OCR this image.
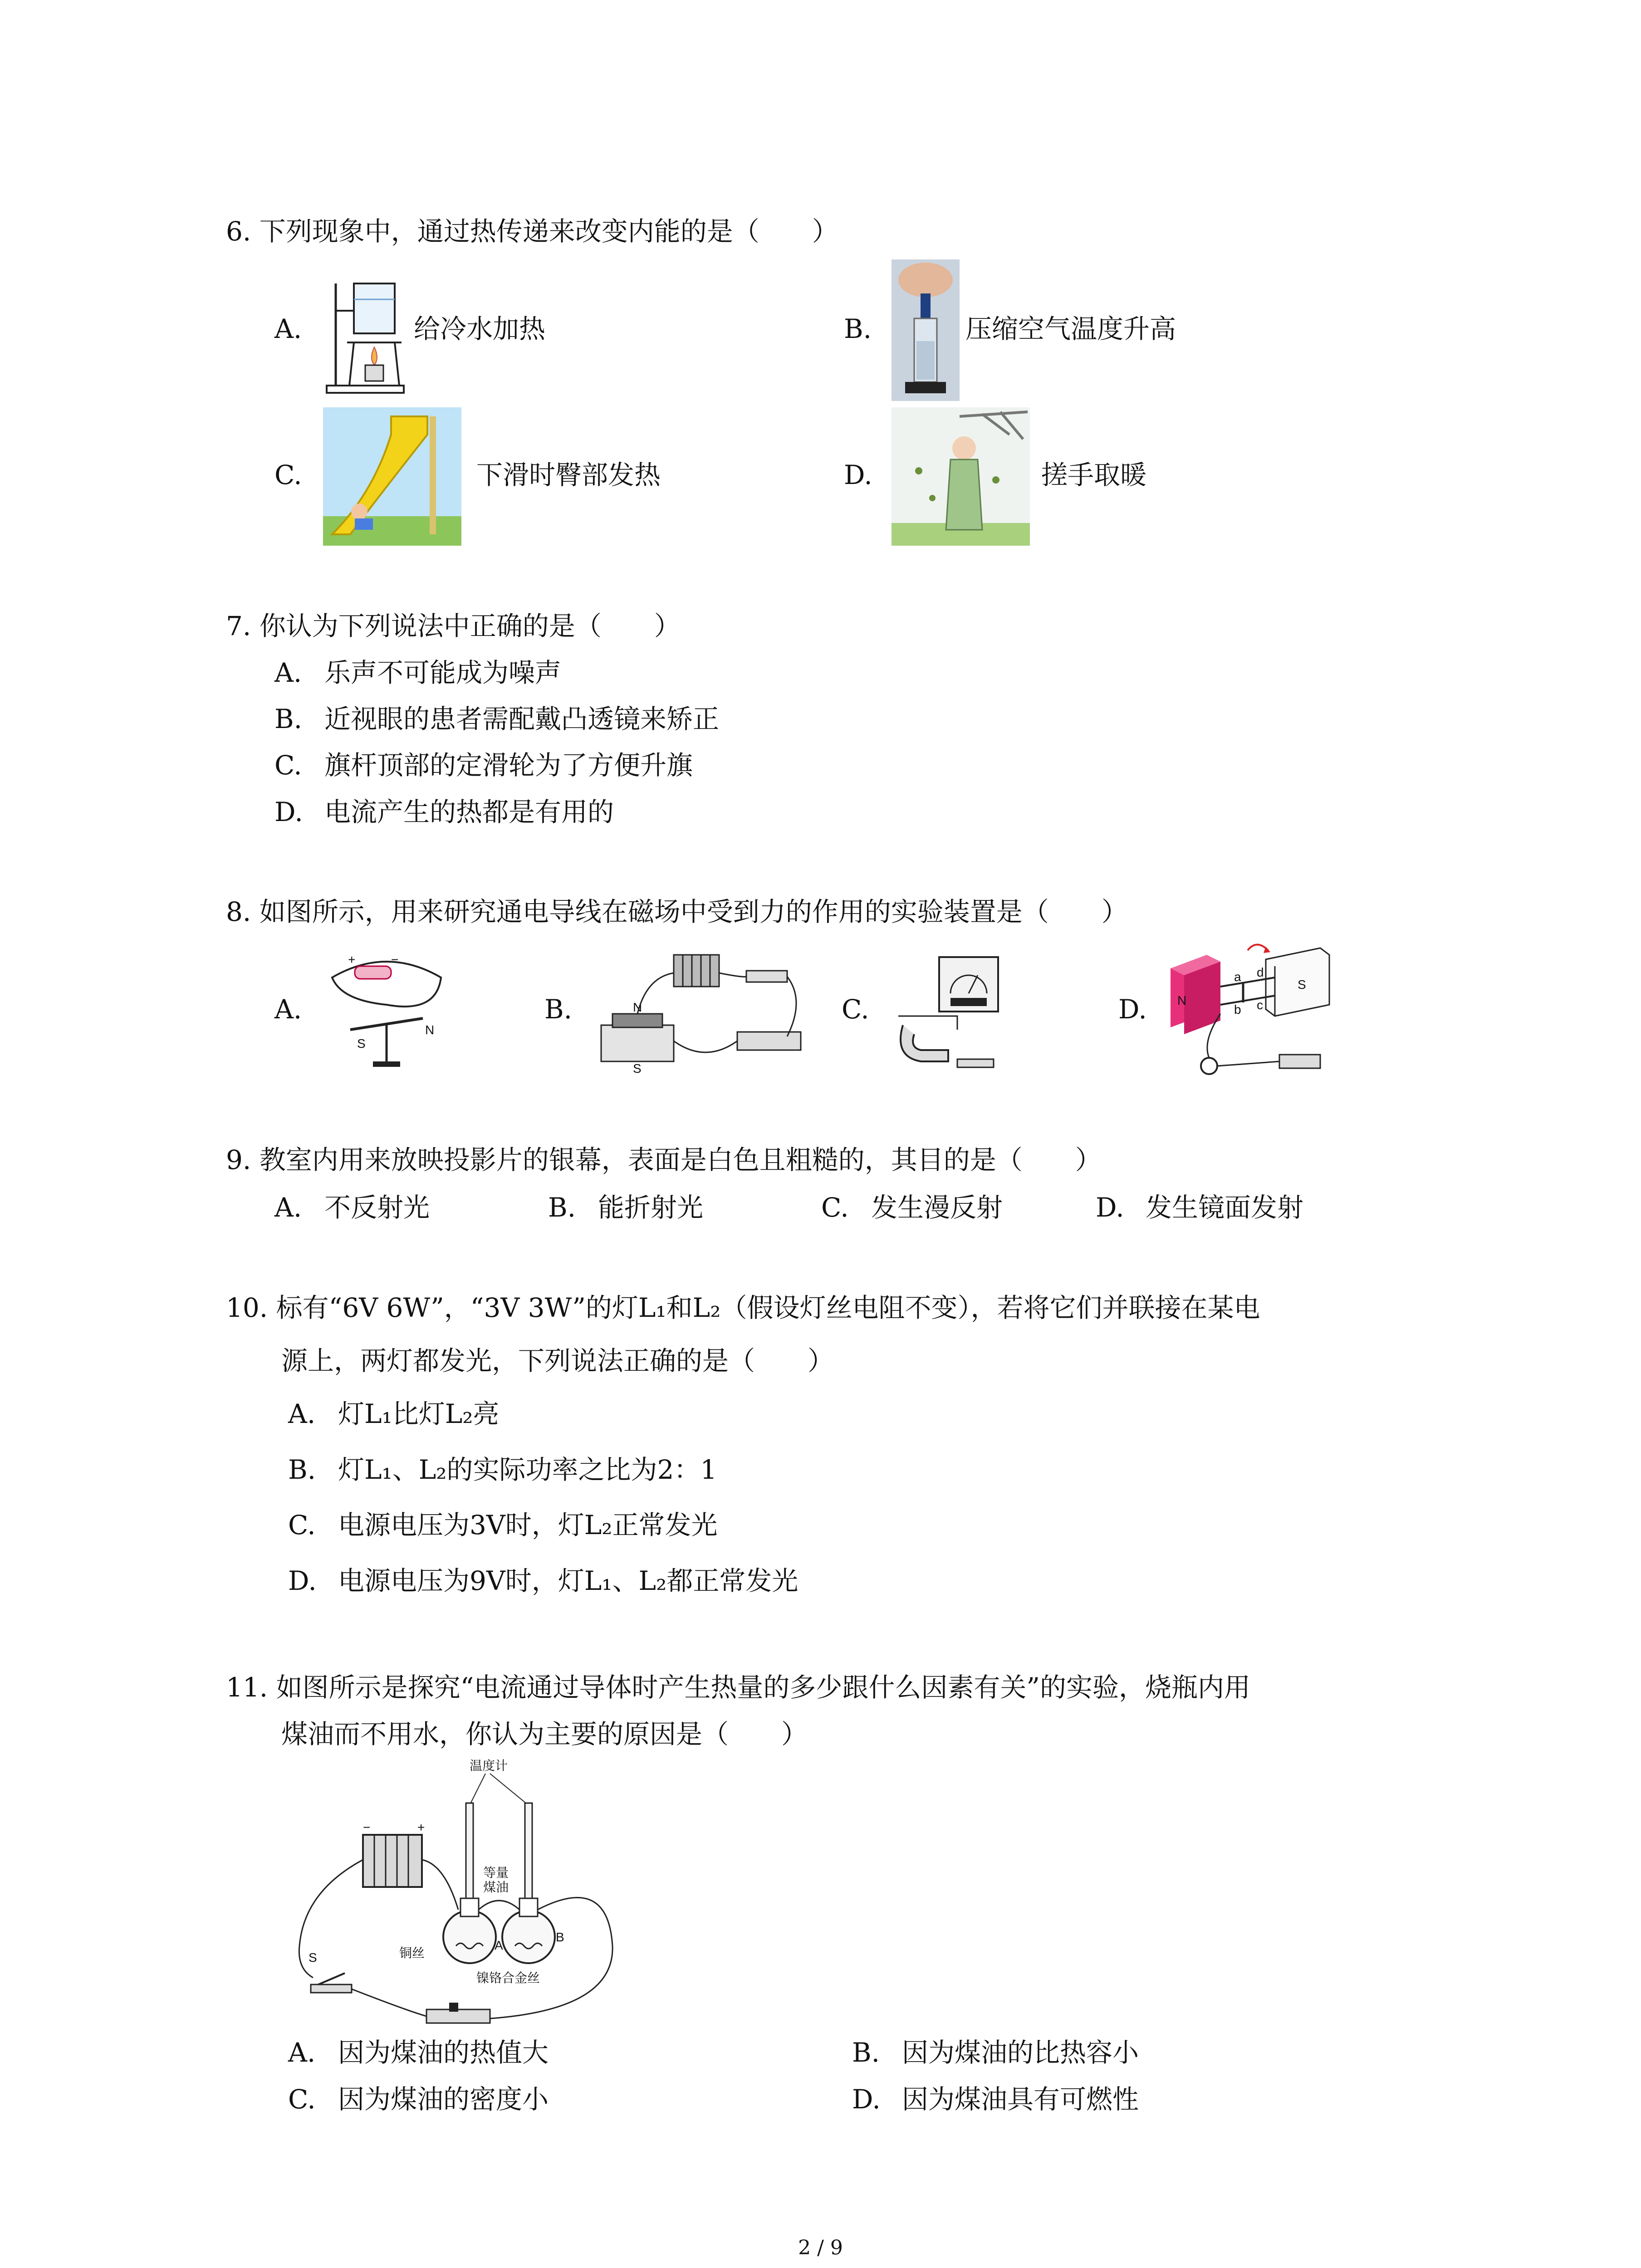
6. 下列现象中，通过热传递来改变内能的是（　　）
A.	给冷水加热	B.	压缩空气温度升高
C.	下滑时臀部发热	D.	搓手取暖
7. 你认为下列说法中正确的是（　　）
A. 乐声不可能成为噪声
B. 近视眼的患者需配戴凸透镜来矫正
C. 旗杆顶部的定滑轮为了方便升旗
D. 电流产生的热都是有用的
8. 如图所示，用来研究通电导线在磁场中受到力的作用的实验装置是（　　）
A.
+	−
S
N
B.	N
S
C.	D. N
S
a
b c
d
9. 教室内用来放映投影片的银幕，表面是白色且粗糙的，其目的是（　　）
A. 不反射光	B. 能折射光	C. 发生漫反射	D. 发生镜面发射
10. 标有“6V 6W”，“3V 3W”的灯L₁和L₂（假设灯丝电阻不变），若将它们并联接在某电
源上，两灯都发光，下列说法正确的是（　　）
A. 灯L₁比灯L₂亮
B. 灯L₁、L₂的实际功率之比为2：1
C. 电源电压为3V时，灯L₂正常发光
D. 电源电压为9V时，灯L₁、L₂都正常发光
11. 如图所示是探究“电流通过导体时产生热量的多少跟什么因素有关”的实验，烧瓶内用
煤油而不用水，你认为主要的原因是（　　）
温度计
−	+
等量
煤油
A
B
铜丝
镍铬合金丝
S
A. 因为煤油的热值大	B. 因为煤油的比热容小
C. 因为煤油的密度小	D. 因为煤油具有可燃性
2 / 9
